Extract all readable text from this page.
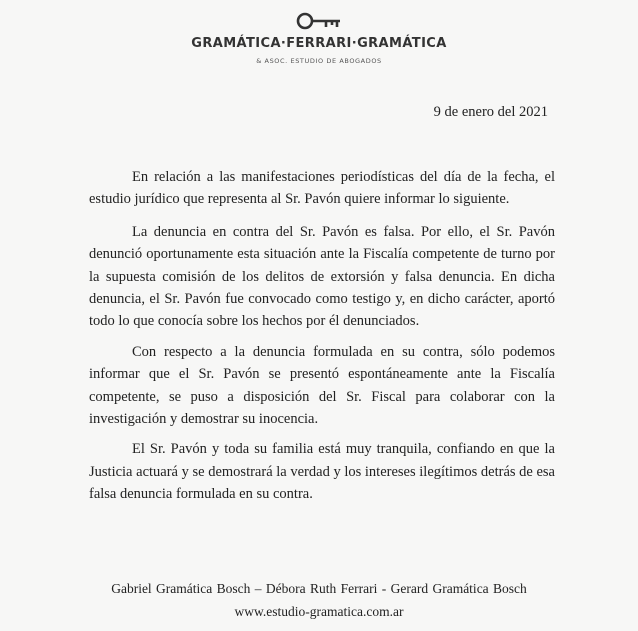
GRAMÁTICA·FERRARI·GRAMÁTICA
& ASOC. ESTUDIO DE ABOGADOS
9 de enero del 2021

En relación a las manifestaciones periodísticas del día de la fecha, el estudio jurídico que representa al Sr. Pavón quiere informar lo siguiente.

La denuncia en contra del Sr. Pavón es falsa. Por ello, el Sr. Pavón denunció oportunamente esta situación ante la Fiscalía competente de turno por la supuesta comisión de los delitos de extorsión y falsa denuncia. En dicha denuncia, el Sr. Pavón fue convocado como testigo y, en dicho carácter, aportó todo lo que conocía sobre los hechos por él denunciados.

Con respecto a la denuncia formulada en su contra, sólo podemos informar que el Sr. Pavón se presentó espontáneamente ante la Fiscalía competente, se puso a disposición del Sr. Fiscal para colaborar con la investigación y demostrar su inocencia.

El Sr. Pavón y toda su familia está muy tranquila, confiando en que la Justicia actuará y se demostrará la verdad y los intereses ilegítimos detrás de esa falsa denuncia formulada en su contra.

Gabriel Gramática Bosch – Débora Ruth Ferrari - Gerard Gramática Bosch
www.estudio-gramatica.com.ar
